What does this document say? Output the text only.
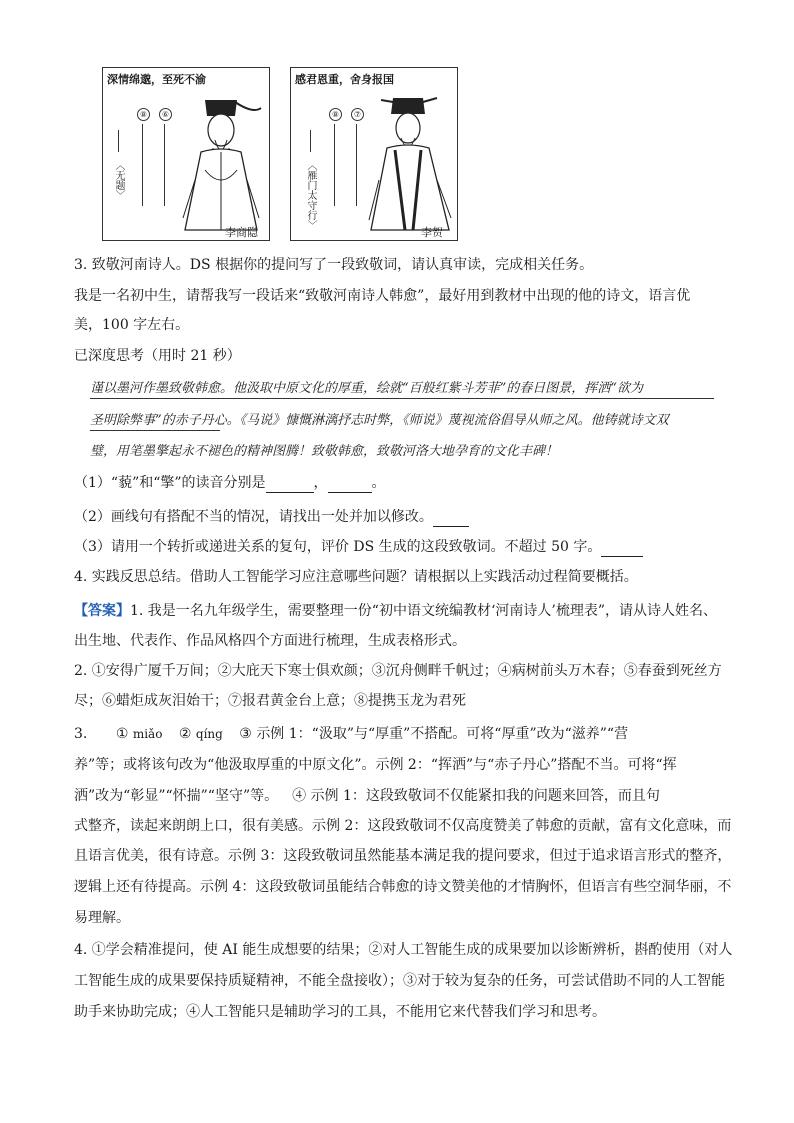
深情绵邈，至死不渝
⑧	⑥
〈无题〉
李商隐
感君恩重，舍身报国
⑧	⑦
〈雁门太守行〉
李贺
3. 致敬河南诗人。DS 根据你的提问写了一段致敬词，请认真审读，完成相关任务。
我是一名初中生，请帮我写一段话来“致敬河南诗人韩愈”，最好用到教材中出现的他的诗文，语言优
美，100 字左右。
已深度思考（用时 21 秒）
谨以墨河作墨致敬韩愈。他汲取中原文化的厚重，绘就“百般红紫斗芳菲”的春日图景，挥洒“欲为
圣明除弊事”的赤子丹心。《马说》慷慨淋漓抒志时弊，《师说》蔑视流俗倡导从师之风。他铸就诗文双
璧，用笔墨擎起永不褪色的精神图腾！致敬韩愈，致敬河洛大地孕育的文化丰碑！
（1）“藐”和“擎”的读音分别是	，	。
（2）画线句有搭配不当的情况，请找出一处并加以修改。
（3）请用一个转折或递进关系的复句，评价 DS 生成的这段致敬词。不超过 50 字。
4. 实践反思总结。借助人工智能学习应注意哪些问题？请根据以上实践活动过程简要概括。
【答案】1. 我是一名九年级学生，需要整理一份“初中语文统编教材‘河南诗人’梳理表”，请从诗人姓名、
出生地、代表作、作品风格四个方面进行梳理，生成表格形式。
2. ①安得广厦千万间；②大庇天下寒士俱欢颜；③沉舟侧畔千帆过；④病树前头万木春；⑤春蚕到死丝方
尽；⑥蜡炬成灰泪始干；⑦报君黄金台上意；⑧提携玉龙为君死
3. ① miǎo ② qíng ③ 示例 1：“汲取”与“厚重”不搭配。可将“厚重”改为“滋养”“营
养”等；或将该句改为“他汲取厚重的中原文化”。示例 2：“挥洒”与“赤子丹心”搭配不当。可将“挥
洒”改为“彰显”“怀揣”“坚守”等。 ④ 示例 1：这段致敬词不仅能紧扣我的问题来回答，而且句
式整齐，读起来朗朗上口，很有美感。示例 2：这段致敬词不仅高度赞美了韩愈的贡献，富有文化意味，而
且语言优美，很有诗意。示例 3：这段致敬词虽然能基本满足我的提问要求，但过于追求语言形式的整齐，
逻辑上还有待提高。示例 4：这段致敬词虽能结合韩愈的诗文赞美他的才情胸怀，但语言有些空洞华丽，不
易理解。
4. ①学会精准提问，使 AI 能生成想要的结果；②对人工智能生成的成果要加以诊断辨析，斟酌使用（对人
工智能生成的成果要保持质疑精神，不能全盘接收）；③对于较为复杂的任务，可尝试借助不同的人工智能
助手来协助完成；④人工智能只是辅助学习的工具，不能用它来代替我们学习和思考。
